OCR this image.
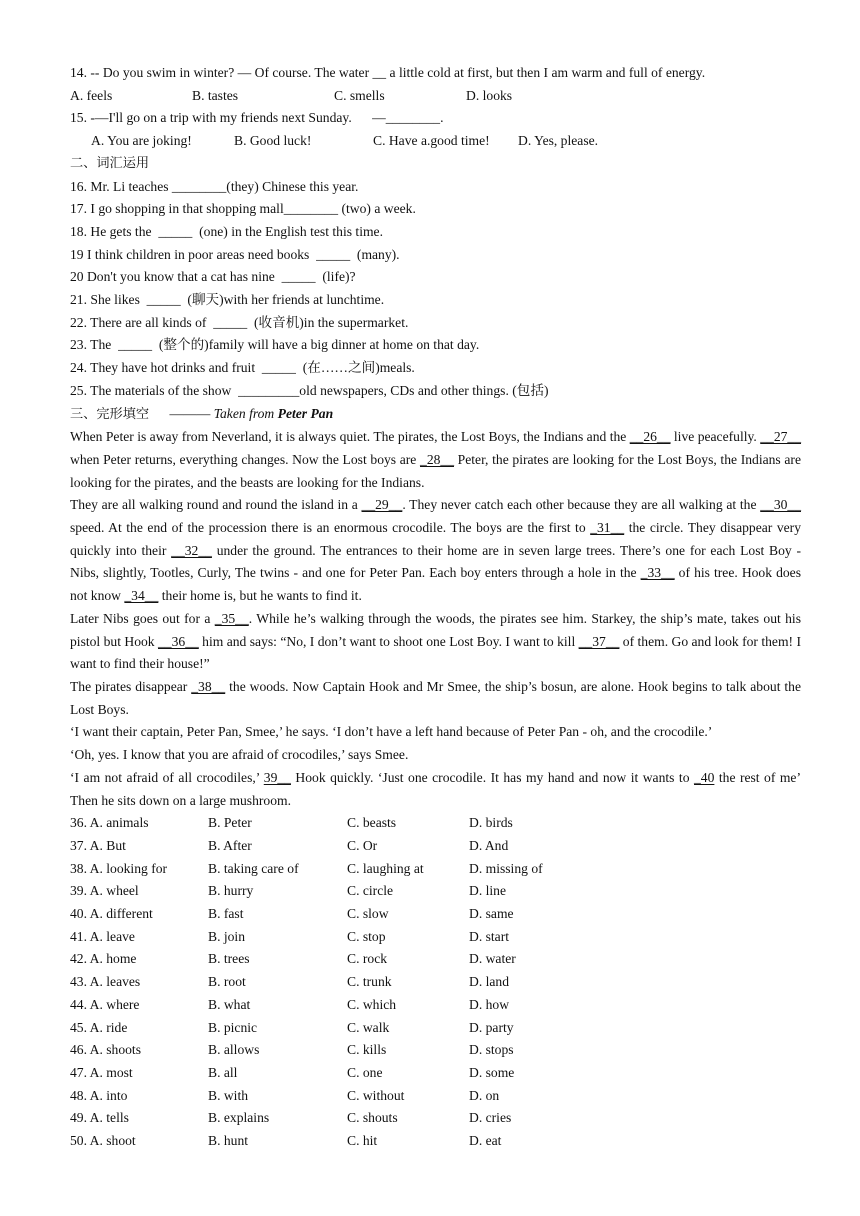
14. -- Do you swim in winter? — Of course. The water __ a little cold at first, but then I am warm and full of energy.
A. feels	B. tastes	C. smells	D. looks
15. -—I'll go on a trip with my friends next Sunday.      —________.
A. You are joking!	B. Good luck!	C. Have a.good time!	D. Yes, please.
二、词汇运用
16. Mr. Li teaches ________(they) Chinese this year.
17. I go shopping in that shopping mall________ (two) a week.
18. He gets the  _____  (one) in the English test this time.
19 I think children in poor areas need books  _____  (many).
20 Don't you know that a cat has nine  _____  (life)?
21. She likes  _____  (聊天)with her friends at lunchtime.
22. There are all kinds of  _____  (收音机)in the supermarket.
23. The  _____  (整个的)family will have a big dinner at home on that day.
24. They have hot drinks and fruit  _____  (在……之间)meals.
25. The materials of the show  _________old newspapers, CDs and other things. (包括)
三、完形填空 ——— Taken from Peter Pan
When Peter is away from Neverland, it is always quiet. The pirates, the Lost Boys, the Indians and the __26__ live peacefully. __27__ when Peter returns, everything changes. Now the Lost boys are _28__ Peter, the pirates are looking for the Lost Boys, the Indians are looking for the pirates, and the beasts are looking for the Indians.
They are all walking round and round the island in a __29__. They never catch each other because they are all walking at the __30__ speed. At the end of the procession there is an enormous crocodile. The boys are the first to _31__ the circle. They disappear very quickly into their __32__ under the ground. The entrances to their home are in seven large trees. There’s one for each Lost Boy - Nibs, slightly, Tootles, Curly, The twins - and one for Peter Pan. Each boy enters through a hole in the _33__ of his tree. Hook does not know _34__ their home is, but he wants to find it.
Later Nibs goes out for a _35__. While he’s walking through the woods, the pirates see him. Starkey, the ship’s mate, takes out his pistol but Hook __36__ him and says: “No, I don’t want to shoot one Lost Boy. I want to kill __37__ of them. Go and look for them! I want to find their house!”
The pirates disappear _38__ the woods. Now Captain Hook and Mr Smee, the ship’s bosun, are alone. Hook begins to talk about the Lost Boys.
‘I want their captain, Peter Pan, Smee,’ he says. ‘I don’t have a left hand because of Peter Pan - oh, and the crocodile.’
‘Oh, yes. I know that you are afraid of crocodiles,’ says Smee.
‘I am not afraid of all crocodiles,’ 39__ Hook quickly. ‘Just one crocodile. It has my hand and now it wants to _40 the rest of me’ Then he sits down on a large mushroom.
36. A. animals	B. Peter	C. beasts	D. birds
37. A. But	B. After	C. Or	D. And
38. A. looking for	B. taking care of	C. laughing at	D. missing of
39. A. wheel	B. hurry	C. circle	D. line
40. A. different	B. fast	C. slow	D. same
41. A. leave	B. join	C. stop	D. start
42. A. home	B. trees	C. rock	D. water
43. A. leaves	B. root	C. trunk	D. land
44. A. where	B. what	C. which	D. how
45. A. ride	B. picnic	C. walk	D. party
46. A. shoots	B. allows	C. kills	D. stops
47. A. most	B. all	C. one	D. some
48. A. into	B. with	C. without	D. on
49. A. tells	B. explains	C. shouts	D. cries
50. A. shoot	B. hunt	C. hit	D. eat
